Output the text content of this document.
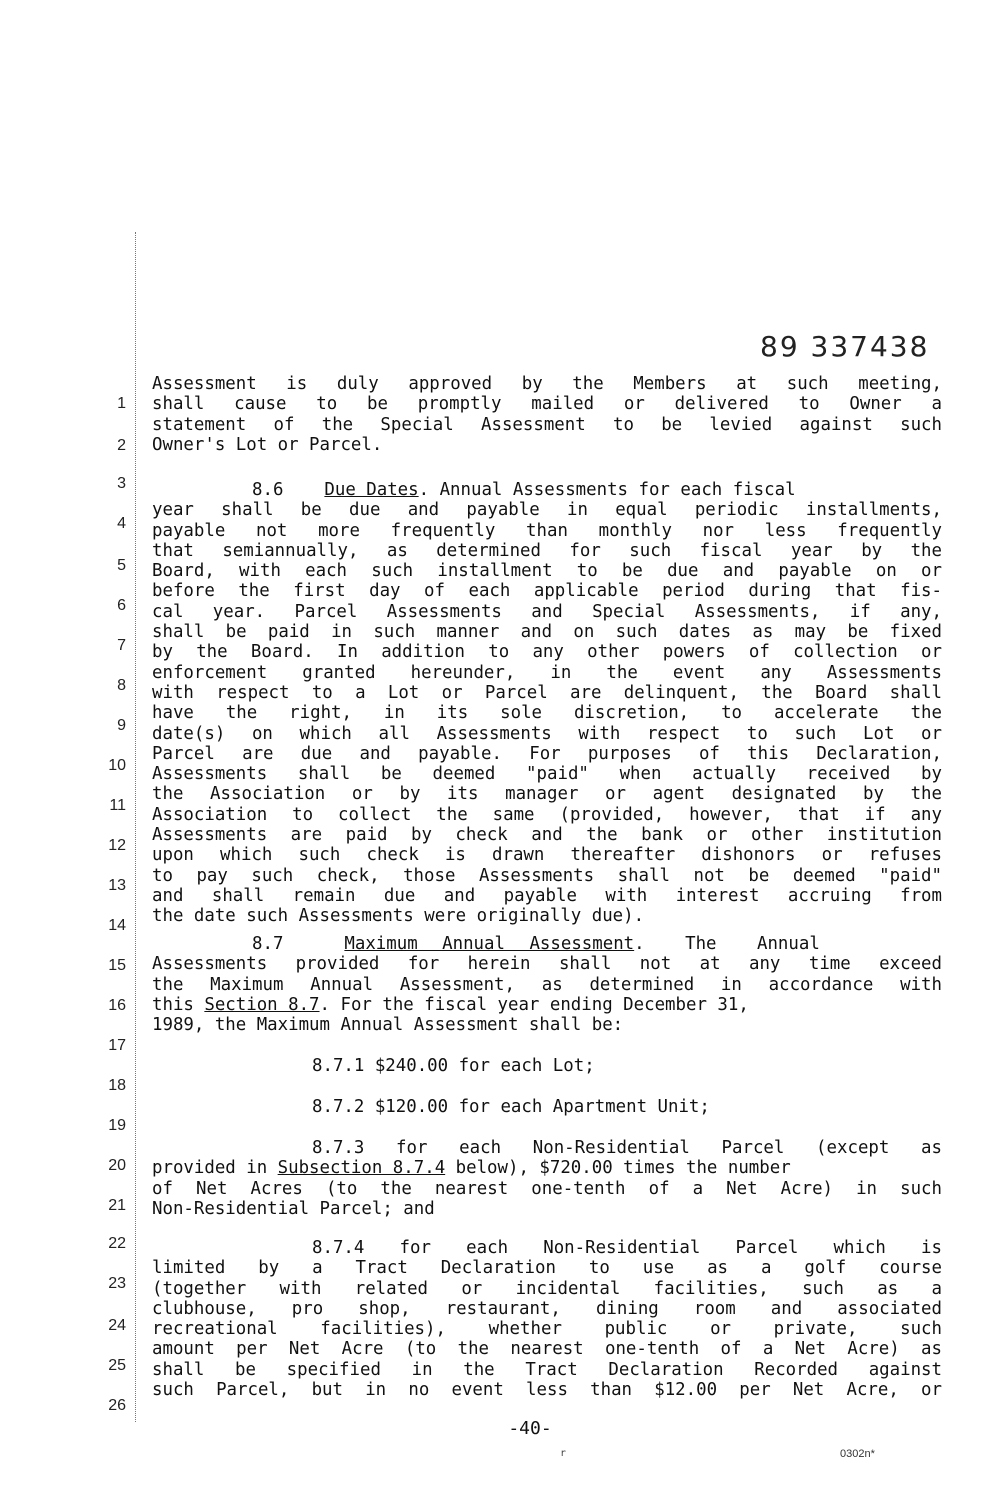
89 337438
1
2
3
4
5
6
7
8
9
10
11
12
13
14
15
16
17
18
19
20
21
22
23
24
25
26
Assessment is duly approved by the Members at such meeting,
shall cause to be promptly mailed or delivered to Owner a
statement of the Special Assessment to be levied against such
Owner's Lot or Parcel.
8.6 Due Dates. Annual Assessments for each fiscal
year shall be due and payable in equal periodic installments,
payable not more frequently than monthly nor less frequently
that semiannually, as determined for such fiscal year by the
Board, with each such installment to be due and payable on or
before the first day of each applicable period during that fis-
cal year. Parcel Assessments and Special Assessments, if any,
shall be paid in such manner and on such dates as may be fixed
by the Board. In addition to any other powers of collection or
enforcement granted hereunder, in the event any Assessments
with respect to a Lot or Parcel are delinquent, the Board shall
have the right, in its sole discretion, to accelerate the
date(s) on which all Assessments with respect to such Lot or
Parcel are due and payable. For purposes of this Declaration,
Assessments shall be deemed "paid" when actually received by
the Association or by its manager or agent designated by the
Association to collect the same (provided, however, that if any
Assessments are paid by check and the bank or other institution
upon which such check is drawn thereafter dishonors or refuses
to pay such check, those Assessments shall not be deemed "paid"
and shall remain due and payable with interest accruing from
the date such Assessments were originally due).
8.7	Maximum Annual Assessment. The Annual
Assessments provided for herein shall not at any time exceed
the Maximum Annual Assessment, as determined in accordance with
this Section 8.7. For the fiscal year ending December 31,
1989, the Maximum Annual Assessment shall be:
8.7.1 $240.00 for each Lot;
8.7.2 $120.00 for each Apartment Unit;
8.7.3 for each Non-Residential Parcel (except as
provided in Subsection 8.7.4 below), $720.00 times the number
of Net Acres (to the nearest one-tenth of a Net Acre) in such
Non-Residential Parcel; and
8.7.4 for each Non-Residential Parcel which is
limited by a Tract Declaration to use as a golf course
(together with related or incidental facilities, such as a
clubhouse, pro shop, restaurant, dining room and associated
recreational facilities), whether public or private, such
amount per Net Acre (to the nearest one-tenth of a Net Acre) as
shall be specified in the Tract Declaration Recorded against
such Parcel, but in no event less than $12.00 per Net Acre, or
-40-
r	0302n*
